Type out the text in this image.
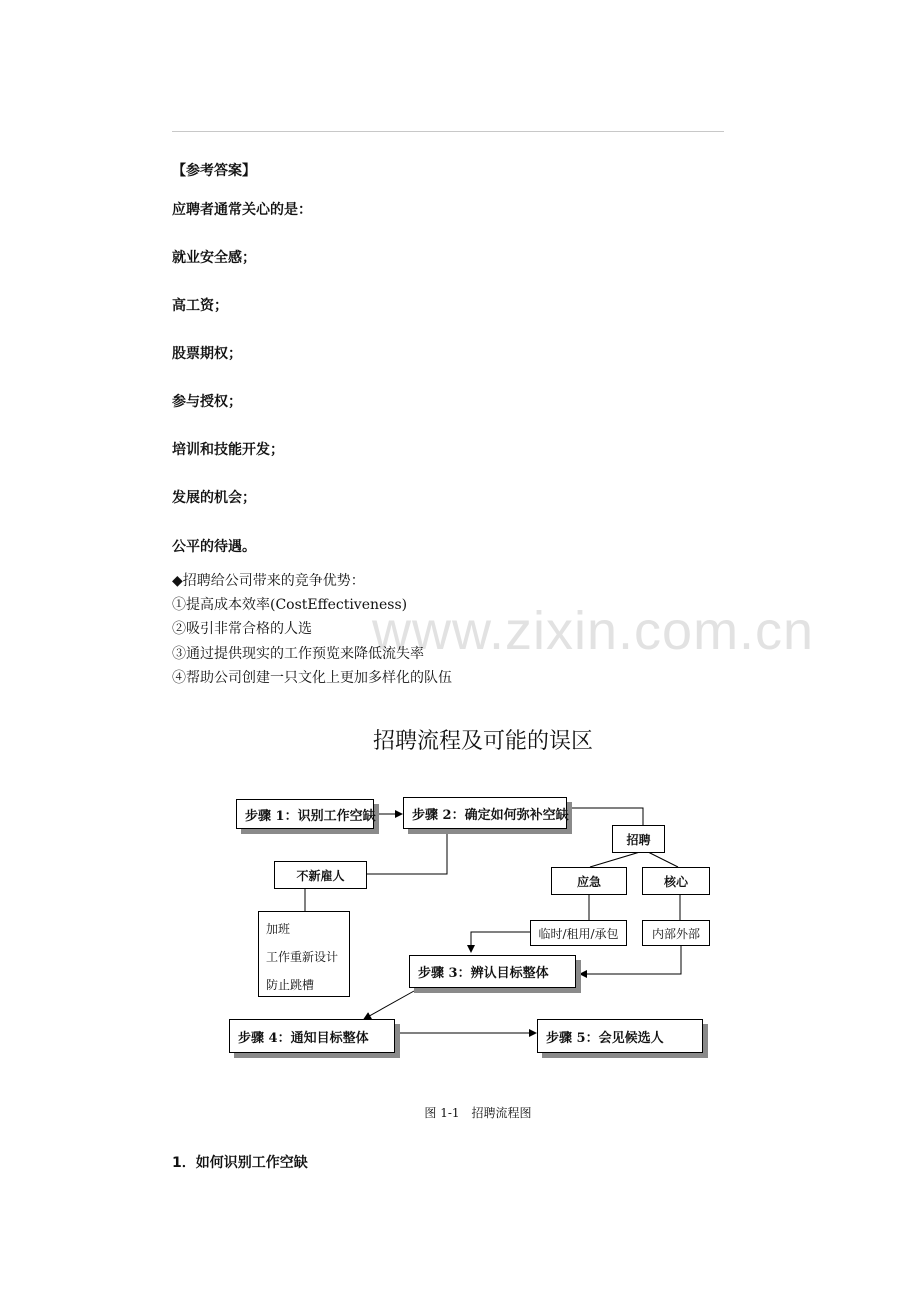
【参考答案】
应聘者通常关心的是：
就业安全感；
高工资；
股票期权；
参与授权；
培训和技能开发；
发展的机会；
公平的待遇。
www.zixin.com.cn
◆招聘给公司带来的竞争优势：
①提高成本效率(CostEffectiveness)
②吸引非常合格的人选
③通过提供现实的工作预览来降低流失率
④帮助公司创建一只文化上更加多样化的队伍
招聘流程及可能的误区
步骤 1：识别工作空缺	步骤 2：确定如何弥补空缺
招聘
不新雇人	应急	核心
加班
工作重新设计
防止跳槽
临时/租用/承包	内部外部
步骤 3：辨认目标整体
步骤 4：通知目标整体	步骤 5：会见候选人
图 1-1　招聘流程图
1．如何识别工作空缺
